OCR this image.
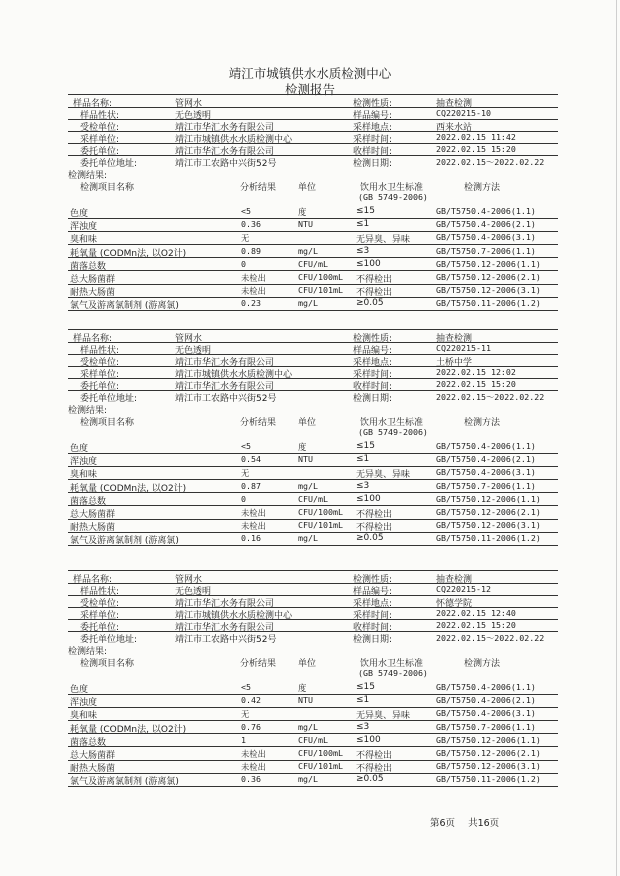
靖江市城镇供水水质检测中心
检测报告
样品名称:	管网水	检测性质:	抽查检测
样品性状:	无色透明	样品编号:	CQ220215-10
受检单位:	靖江市华汇水务有限公司	采样地点:	西来水站
采样单位:	靖江市城镇供水水质检测中心	采样时间:	2022.02.15 11:42
委托单位:	靖江市华汇水务有限公司	收样时间:	2022.02.15 15:20
委托单位地址:	靖江市工农路中兴街52号	检测日期:	2022.02.15～2022.02.22
检测结果:
检测项目名称	分析结果 单位	饮用水卫生标准
(GB 5749-2006)
检测方法
色度	<5	度	≤15	GB/T5750.4-2006(1.1)
浑浊度	0.36	NTU	≤1	GB/T5750.4-2006(2.1)
臭和味	无	无异臭、异味	GB/T5750.4-2006(3.1)
耗氧量 (CODMn法, 以O2计)	0.89	mg/L	≤3	GB/T5750.7-2006(1.1)
菌落总数	0	CFU/mL	≤100	GB/T5750.12-2006(1.1)
总大肠菌群	未检出	CFU/100mL 不得检出	GB/T5750.12-2006(2.1)
耐热大肠菌	未检出	CFU/101mL 不得检出	GB/T5750.12-2006(3.1)
氯气及游离氯制剂 (游离氯)	0.23	mg/L	≥0.05	GB/T5750.11-2006(1.2)
样品名称:	管网水	检测性质:	抽查检测
样品性状:	无色透明	样品编号:	CQ220215-11
受检单位:	靖江市华汇水务有限公司	采样地点:	土桥中学
采样单位:	靖江市城镇供水水质检测中心	采样时间:	2022.02.15 12:02
委托单位:	靖江市华汇水务有限公司	收样时间:	2022.02.15 15:20
委托单位地址:	靖江市工农路中兴街52号	检测日期:	2022.02.15～2022.02.22
检测结果:
检测项目名称	分析结果 单位	饮用水卫生标准
(GB 5749-2006)
检测方法
色度	<5	度	≤15	GB/T5750.4-2006(1.1)
浑浊度	0.54	NTU	≤1	GB/T5750.4-2006(2.1)
臭和味	无	无异臭、异味	GB/T5750.4-2006(3.1)
耗氧量 (CODMn法, 以O2计)	0.87	mg/L	≤3	GB/T5750.7-2006(1.1)
菌落总数	0	CFU/mL	≤100	GB/T5750.12-2006(1.1)
总大肠菌群	未检出	CFU/100mL 不得检出	GB/T5750.12-2006(2.1)
耐热大肠菌	未检出	CFU/101mL 不得检出	GB/T5750.12-2006(3.1)
氯气及游离氯制剂 (游离氯)	0.16	mg/L	≥0.05	GB/T5750.11-2006(1.2)
样品名称:	管网水	检测性质:	抽查检测
样品性状:	无色透明	样品编号:	CQ220215-12
受检单位:	靖江市华汇水务有限公司	采样地点:	怀德学院
采样单位:	靖江市城镇供水水质检测中心	采样时间:	2022.02.15 12:40
委托单位:	靖江市华汇水务有限公司	收样时间:	2022.02.15 15:20
委托单位地址:	靖江市工农路中兴街52号	检测日期:	2022.02.15～2022.02.22
检测结果:
检测项目名称	分析结果 单位	饮用水卫生标准
(GB 5749-2006)
检测方法
色度	<5	度	≤15	GB/T5750.4-2006(1.1)
浑浊度	0.42	NTU	≤1	GB/T5750.4-2006(2.1)
臭和味	无	无异臭、异味	GB/T5750.4-2006(3.1)
耗氧量 (CODMn法, 以O2计)	0.76	mg/L	≤3	GB/T5750.7-2006(1.1)
菌落总数	1	CFU/mL	≤100	GB/T5750.12-2006(1.1)
总大肠菌群	未检出	CFU/100mL 不得检出	GB/T5750.12-2006(2.1)
耐热大肠菌	未检出	CFU/101mL 不得检出	GB/T5750.12-2006(3.1)
氯气及游离氯制剂 (游离氯)	0.36	mg/L	≥0.05	GB/T5750.11-2006(1.2)
第6页 共16页
